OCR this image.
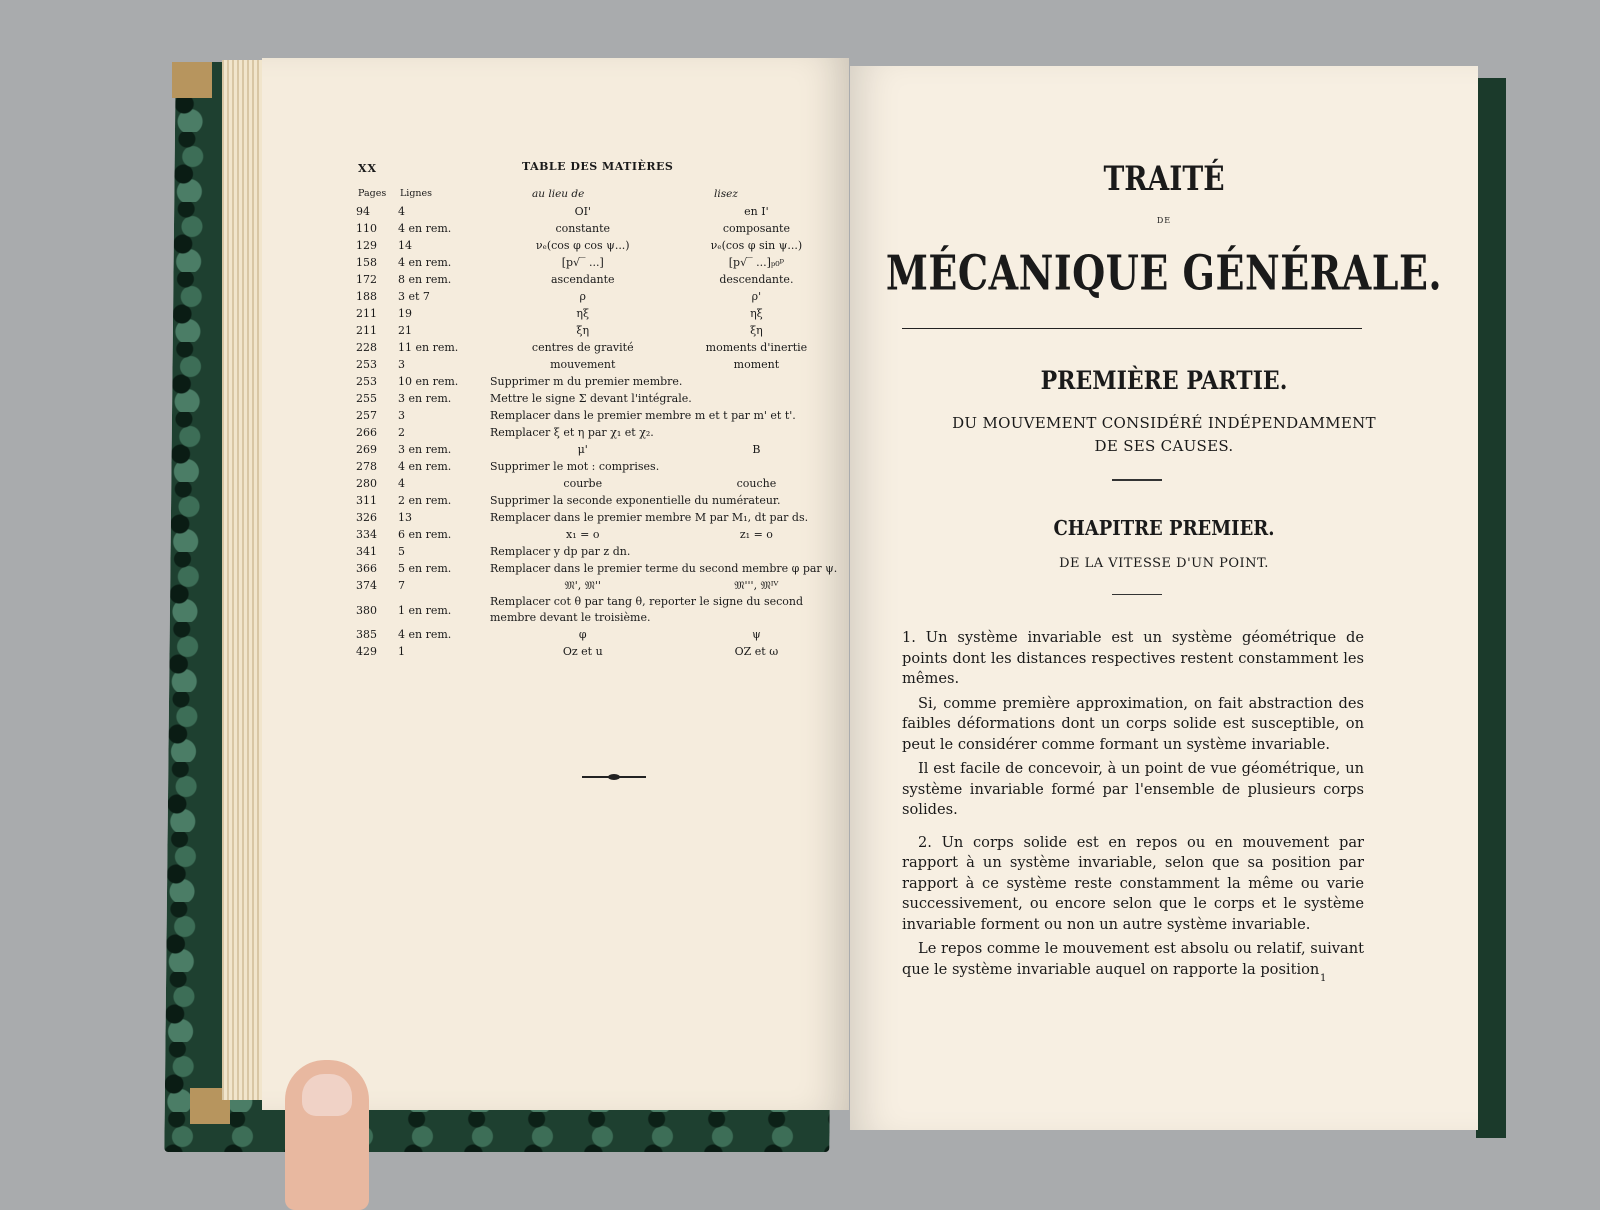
XX	TABLE DES MATIÈRES
Pages Lignes	au lieu de	lisez
94	4	OI'	en I'
110	4 en rem.	constante	composante
129	14	νₑ(cos φ cos ψ...)	νₑ(cos φ sin ψ...)
158	4 en rem.	[p√‾ ...]	[p√‾ ...]ₚ₀ᵖ
172	8 en rem.	ascendante	descendante.
188	3 et 7	ρ	ρ'
211	19	ηξ	ηξ
211	21	ξη	ξη
228	11 en rem.	centres de gravité	moments d'inertie
253	3	mouvement	moment
253	10 en rem.	Supprimer m du premier membre.	
255	3 en rem.	Mettre le signe Σ devant l'intégrale.	
257	3	Remplacer dans le premier membre m et t par m' et t'.	
266	2	Remplacer ξ et η par χ₁ et χ₂.	
269	3 en rem.	μ'	B
278	4 en rem.	Supprimer le mot : comprises.	
280	4	courbe	couche
311	2 en rem.	Supprimer la seconde exponentielle du numérateur.	
326	13	Remplacer dans le premier membre M par M₁, dt par ds.	
334	6 en rem.	x₁ = o	z₁ = o
341	5	Remplacer y dp par z dn.	
366	5 en rem.	Remplacer dans le premier terme du second membre φ par ψ.	
374	7	𝔐', 𝔐''	𝔐''', 𝔐ᴵⱽ
380	1 en rem.	Remplacer cot θ par tang θ, reporter le signe du second membre devant le troisième.	
385	4 en rem.	φ	ψ
429	1	Oz et u	OZ et ω
TRAITÉ
DE
MÉCANIQUE GÉNÉRALE.
PREMIÈRE PARTIE.
DU MOUVEMENT CONSIDÉRÉ INDÉPENDAMMENT
DE SES CAUSES.
CHAPITRE PREMIER.
DE LA VITESSE D'UN POINT.

1. Un système invariable est un système géométrique de points dont les distances respectives restent constamment les mêmes.

Si, comme première approximation, on fait abstraction des faibles déformations dont un corps solide est susceptible, on peut le considérer comme formant un système invariable.

Il est facile de concevoir, à un point de vue géométrique, un système invariable formé par l'ensemble de plusieurs corps solides.

2. Un corps solide est en repos ou en mouvement par rapport à un système invariable, selon que sa position par rapport à ce système reste constamment la même ou varie successivement, ou encore selon que le corps et le système invariable forment ou non un autre système invariable.

Le repos comme le mouvement est absolu ou relatif, suivant que le système invariable auquel on rapporte la position

1
